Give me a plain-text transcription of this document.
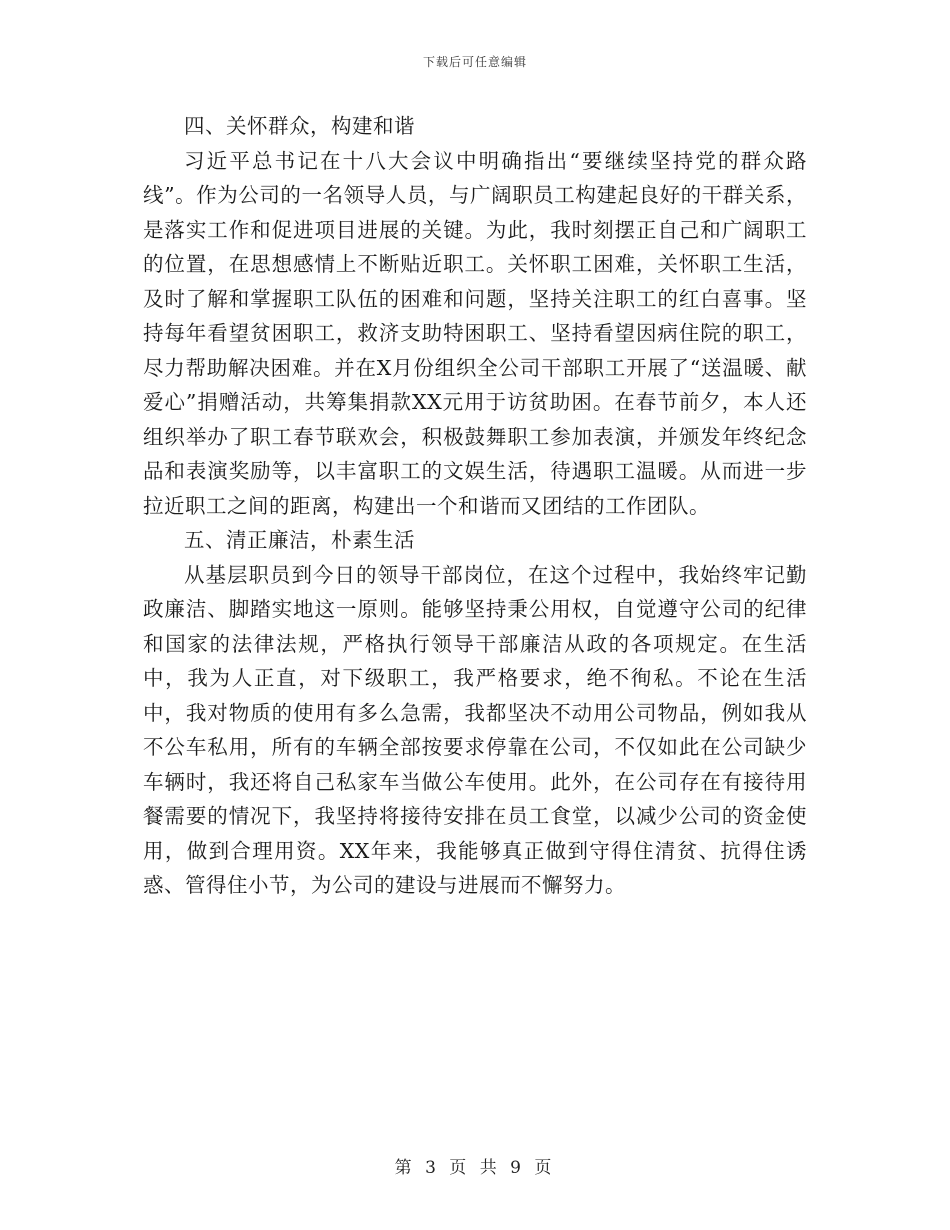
下载后可任意编辑

四、关怀群众，构建和谐

习近平总书记在十八大会议中明确指出“要继续坚持党的群众路线”。作为公司的一名领导人员，与广阔职员工构建起良好的干群关系，是落实工作和促进项目进展的关键。为此，我时刻摆正自己和广阔职工的位置，在思想感情上不断贴近职工。关怀职工困难，关怀职工生活，及时了解和掌握职工队伍的困难和问题，坚持关注职工的红白喜事。坚持每年看望贫困职工，救济支助特困职工、坚持看望因病住院的职工，尽力帮助解决困难。并在X月份组织全公司干部职工开展了“送温暖、献爱心”捐赠活动，共筹集捐款XX元用于访贫助困。在春节前夕，本人还组织举办了职工春节联欢会，积极鼓舞职工参加表演，并颁发年终纪念品和表演奖励等，以丰富职工的文娱生活，待遇职工温暖。从而进一步拉近职工之间的距离，构建出一个和谐而又团结的工作团队。

五、清正廉洁，朴素生活

从基层职员到今日的领导干部岗位，在这个过程中，我始终牢记勤政廉洁、脚踏实地这一原则。能够坚持秉公用权，自觉遵守公司的纪律和国家的法律法规，严格执行领导干部廉洁从政的各项规定。在生活中，我为人正直，对下级职工，我严格要求，绝不徇私。不论在生活中，我对物质的使用有多么急需，我都坚决不动用公司物品，例如我从不公车私用，所有的车辆全部按要求停靠在公司，不仅如此在公司缺少车辆时，我还将自己私家车当做公车使用。此外，在公司存在有接待用餐需要的情况下，我坚持将接待安排在员工食堂，以减少公司的资金使用，做到合理用资。XX年来，我能够真正做到守得住清贫、抗得住诱惑、管得住小节，为公司的建设与进展而不懈努力。

第 3 页 共 9 页
